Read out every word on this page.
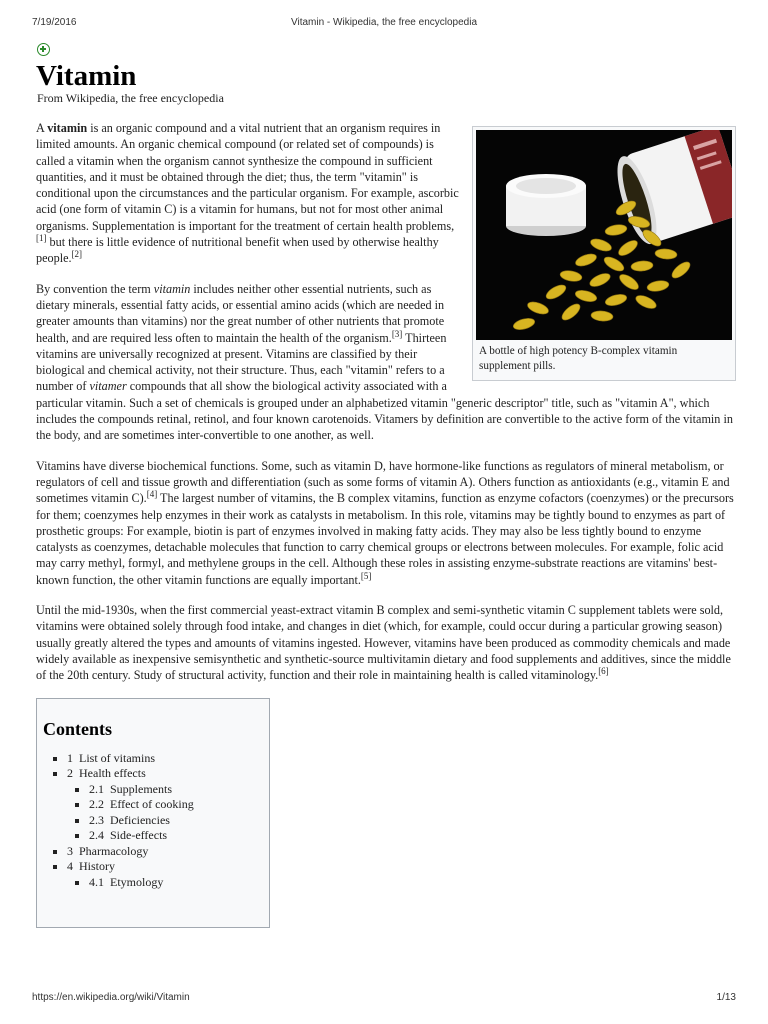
7/19/2016	Vitamin - Wikipedia, the free encyclopedia
Vitamin
From Wikipedia, the free encyclopedia
A bottle of high potency B-complex vitamin supplement pills.

A vitamin is an organic compound and a vital nutrient that an organism requires in limited amounts. An organic chemical compound (or related set of compounds) is called a vitamin when the organism cannot synthesize the compound in sufficient quantities, and it must be obtained through the diet; thus, the term "vitamin" is conditional upon the circumstances and the particular organism. For example, ascorbic acid (one form of vitamin C) is a vitamin for humans, but not for most other animal organisms. Supplementation is important for the treatment of certain health problems,[1] but there is little evidence of nutritional benefit when used by otherwise healthy people.[2]

By convention the term vitamin includes neither other essential nutrients, such as dietary minerals, essential fatty acids, or essential amino acids (which are needed in greater amounts than vitamins) nor the great number of other nutrients that promote health, and are required less often to maintain the health of the organism.[3] Thirteen vitamins are universally recognized at present. Vitamins are classified by their biological and chemical activity, not their structure. Thus, each "vitamin" refers to a number of vitamer compounds that all show the biological activity associated with a particular vitamin. Such a set of chemicals is grouped under an alphabetized vitamin "generic descriptor" title, such as "vitamin A", which includes the compounds retinal, retinol, and four known carotenoids. Vitamers by definition are convertible to the active form of the vitamin in the body, and are sometimes inter-convertible to one another, as well.

Vitamins have diverse biochemical functions. Some, such as vitamin D, have hormone-like functions as regulators of mineral metabolism, or regulators of cell and tissue growth and differentiation (such as some forms of vitamin A). Others function as antioxidants (e.g., vitamin E and sometimes vitamin C).[4] The largest number of vitamins, the B complex vitamins, function as enzyme cofactors (coenzymes) or the precursors for them; coenzymes help enzymes in their work as catalysts in metabolism. In this role, vitamins may be tightly bound to enzymes as part of prosthetic groups: For example, biotin is part of enzymes involved in making fatty acids. They may also be less tightly bound to enzyme catalysts as coenzymes, detachable molecules that function to carry chemical groups or electrons between molecules. For example, folic acid may carry methyl, formyl, and methylene groups in the cell. Although these roles in assisting enzyme-substrate reactions are vitamins' best-known function, the other vitamin functions are equally important.[5]

Until the mid-1930s, when the first commercial yeast-extract vitamin B complex and semi-synthetic vitamin C supplement tablets were sold, vitamins were obtained solely through food intake, and changes in diet (which, for example, could occur during a particular growing season) usually greatly altered the types and amounts of vitamins ingested. However, vitamins have been produced as commodity chemicals and made widely available as inexpensive semisynthetic and synthetic-source multivitamin dietary and food supplements and additives, since the middle of the 20th century. Study of structural activity, function and their role in maintaining health is called vitaminology.[6]

Contents
▪ 1 List of vitamins
▪ 2 Health effects
▪ 2.1 Supplements
▪ 2.2 Effect of cooking
▪ 2.3 Deficiencies
▪ 2.4 Side-effects
▪ 3 Pharmacology
▪ 4 History
▪ 4.1 Etymology
https://en.wikipedia.org/wiki/Vitamin	1/13
